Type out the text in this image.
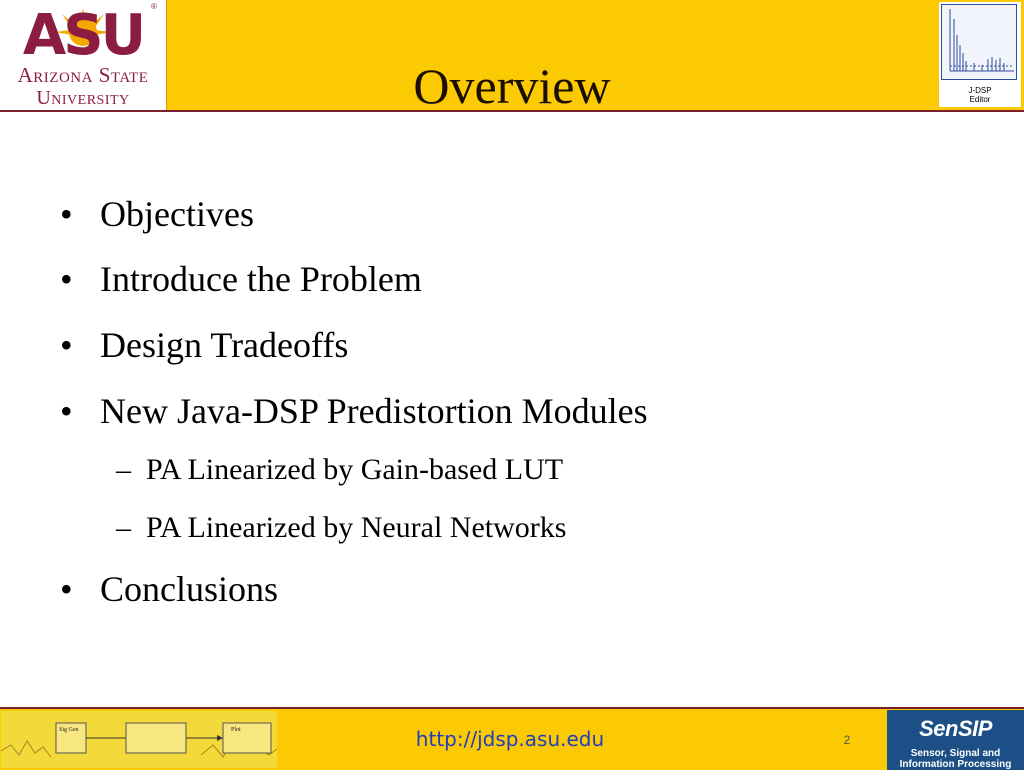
ASU ®
Arizona State
University	Overview	J-DSP
Editor
• Objectives
• Introduce the Problem
• Design Tradeoffs
• New Java-DSP Predistortion Modules
– PA Linearized by Gain-based LUT
– PA Linearized by Neural Networks
• Conclusions
Sig Gen	Plot	http://jdsp.asu.edu	2	SenSIP
Sensor, Signal and
Information Processing Center
